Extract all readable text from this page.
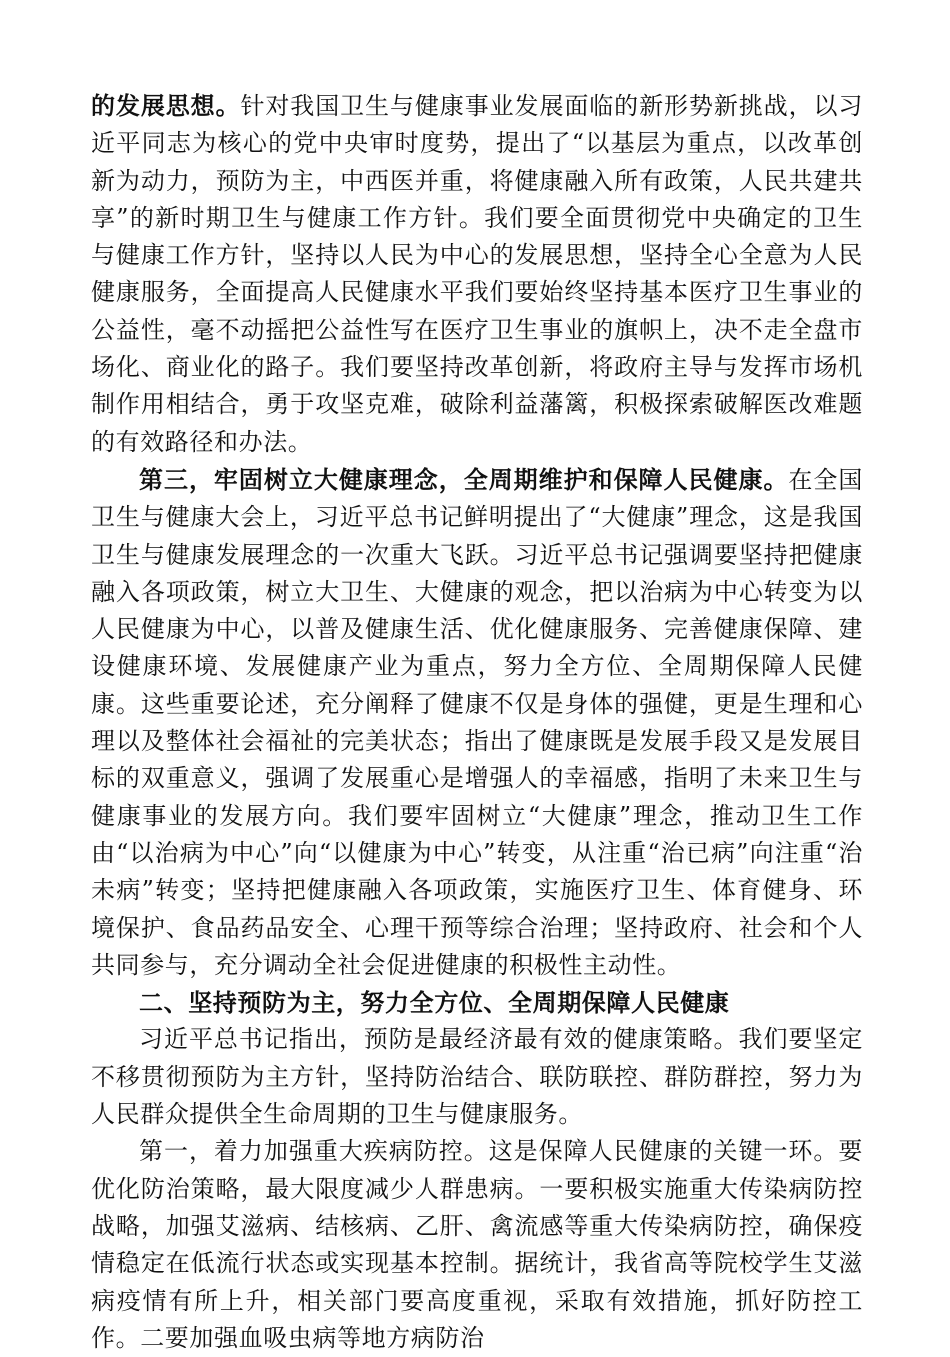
的发展思想。针对我国卫生与健康事业发展面临的新形势新挑战，以习近平同志为核心的党中央审时度势，提出了“以基层为重点，以改革创新为动力，预防为主，中西医并重，将健康融入所有政策，人民共建共享”的新时期卫生与健康工作方针。我们要全面贯彻党中央确定的卫生与健康工作方针，坚持以人民为中心的发展思想，坚持全心全意为人民健康服务，全面提高人民健康水平我们要始终坚持基本医疗卫生事业的公益性，毫不动摇把公益性写在医疗卫生事业的旗帜上，决不走全盘市场化、商业化的路子。我们要坚持改革创新，将政府主导与发挥市场机制作用相结合，勇于攻坚克难，破除利益藩篱，积极探索破解医改难题的有效路径和办法。

第三，牢固树立大健康理念，全周期维护和保障人民健康。在全国卫生与健康大会上，习近平总书记鲜明提出了“大健康”理念，这是我国卫生与健康发展理念的一次重大飞跃。习近平总书记强调要坚持把健康融入各项政策，树立大卫生、大健康的观念，把以治病为中心转变为以人民健康为中心，以普及健康生活、优化健康服务、完善健康保障、建设健康环境、发展健康产业为重点，努力全方位、全周期保障人民健康。这些重要论述，充分阐释了健康不仅是身体的强健，更是生理和心理以及整体社会福祉的完美状态；指出了健康既是发展手段又是发展目标的双重意义，强调了发展重心是增强人的幸福感，指明了未来卫生与健康事业的发展方向。我们要牢固树立“大健康”理念，推动卫生工作由“以治病为中心”向“以健康为中心”转变，从注重“治已病”向注重“治未病”转变；坚持把健康融入各项政策，实施医疗卫生、体育健身、环境保护、食品药品安全、心理干预等综合治理；坚持政府、社会和个人共同参与，充分调动全社会促进健康的积极性主动性。

二、坚持预防为主，努力全方位、全周期保障人民健康

习近平总书记指出，预防是最经济最有效的健康策略。我们要坚定不移贯彻预防为主方针，坚持防治结合、联防联控、群防群控，努力为人民群众提供全生命周期的卫生与健康服务。

第一，着力加强重大疾病防控。这是保障人民健康的关键一环。要优化防治策略，最大限度减少人群患病。一要积极实施重大传染病防控战略，加强艾滋病、结核病、乙肝、禽流感等重大传染病防控，确保疫情稳定在低流行状态或实现基本控制。据统计，我省高等院校学生艾滋病疫情有所上升，相关部门要高度重视，采取有效措施，抓好防控工作。二要加强血吸虫病等地方病防治
